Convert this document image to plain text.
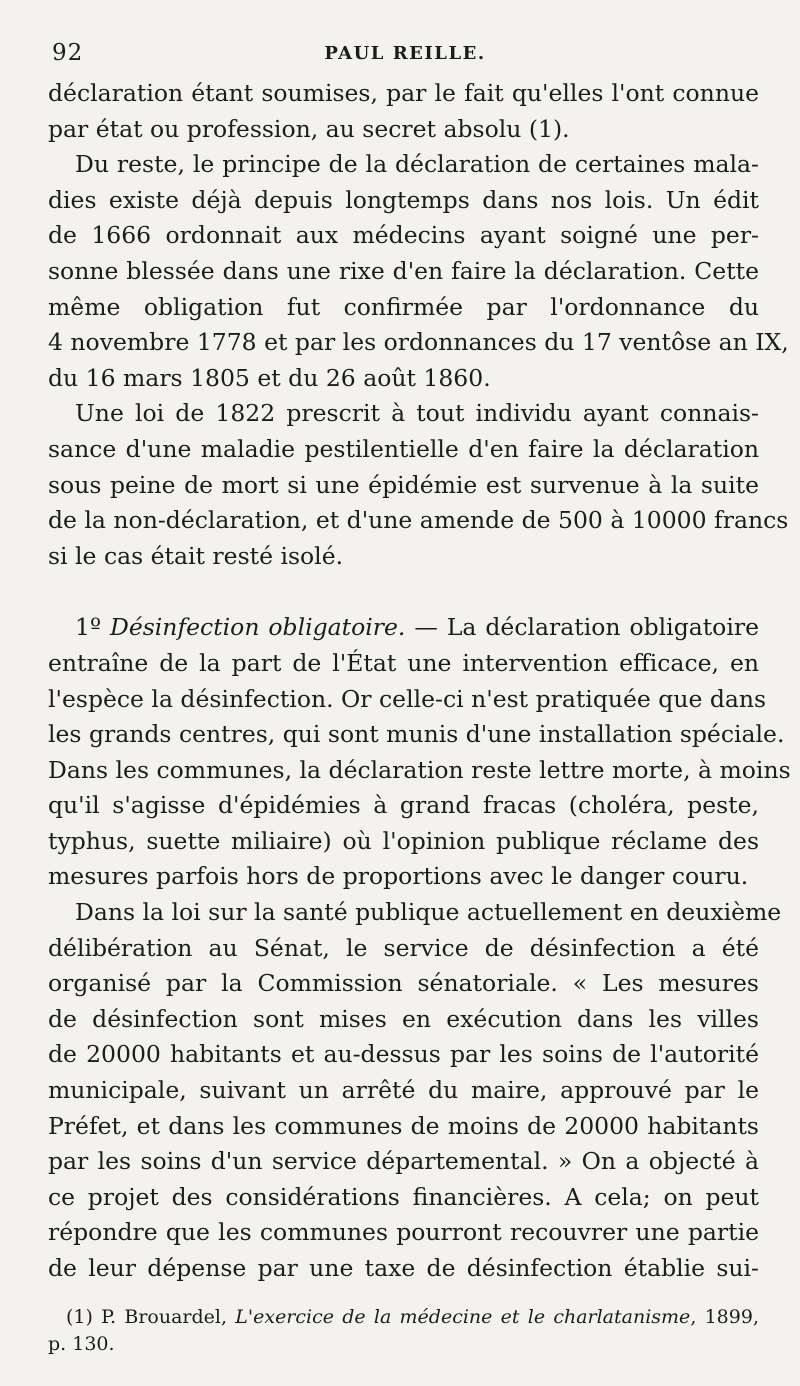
92	PAUL REILLE.
déclaration étant soumises, par le fait qu'elles l'ont connue
par état ou profession, au secret absolu (1).
Du reste, le principe de la déclaration de certaines mala-
dies existe déjà depuis longtemps dans nos lois. Un édit
de 1666 ordonnait aux médecins ayant soigné une per-
sonne blessée dans une rixe d'en faire la déclaration. Cette
même obligation fut confirmée par l'ordonnance du
4 novembre 1778 et par les ordonnances du 17 ventôse an IX,
du 16 mars 1805 et du 26 août 1860.
Une loi de 1822 prescrit à tout individu ayant connais-
sance d'une maladie pestilentielle d'en faire la déclaration
sous peine de mort si une épidémie est survenue à la suite
de la non-déclaration, et d'une amende de 500 à 10000 francs
si le cas était resté isolé.
1º Désinfection obligatoire. — La déclaration obligatoire
entraîne de la part de l'État une intervention efficace, en
l'espèce la désinfection. Or celle-ci n'est pratiquée que dans
les grands centres, qui sont munis d'une installation spéciale.
Dans les communes, la déclaration reste lettre morte, à moins
qu'il s'agisse d'épidémies à grand fracas (choléra, peste,
typhus, suette miliaire) où l'opinion publique réclame des
mesures parfois hors de proportions avec le danger couru.
Dans la loi sur la santé publique actuellement en deuxième
délibération au Sénat, le service de désinfection a été
organisé par la Commission sénatoriale. « Les mesures
de désinfection sont mises en exécution dans les villes
de 20000 habitants et au-dessus par les soins de l'autorité
municipale, suivant un arrêté du maire, approuvé par le
Préfet, et dans les communes de moins de 20000 habitants
par les soins d'un service départemental. » On a objecté à
ce projet des considérations financières. A cela; on peut
répondre que les communes pourront recouvrer une partie
de leur dépense par une taxe de désinfection établie sui-
(1) P. Brouardel, L'exercice de la médecine et le charlatanisme, 1899,
p. 130.
